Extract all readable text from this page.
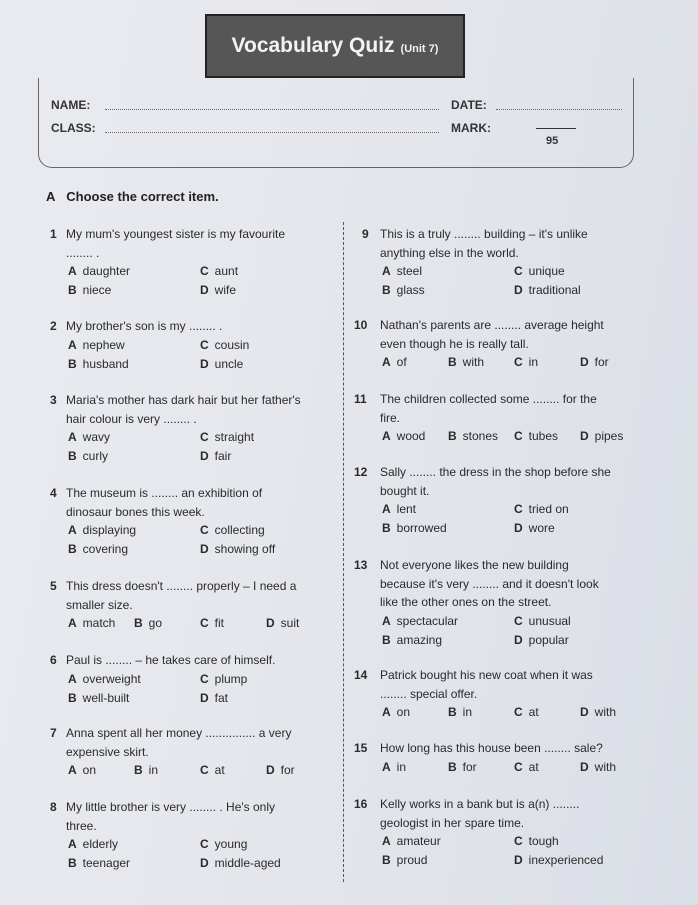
Vocabulary Quiz (Unit 7)
NAME:	DATE:
CLASS:	MARK:
95
A Choose the correct item.
1 My mum's youngest sister is my favourite
........ .
A daughter	C aunt
B niece	D wife
2 My brother's son is my ........ .
A nephew	C cousin
B husband	D uncle
3 Maria's mother has dark hair but her father's
hair colour is very ........ .
A wavy	C straight
B curly	D fair
4 The museum is ........ an exhibition of
dinosaur bones this week.
A displaying	C collecting
B covering	D showing off
5 This dress doesn't ........ properly – I need a
smaller size.
A match B go	C fit	D suit
6 Paul is ........ – he takes care of himself.
A overweight	C plump
B well-built	D fat
7 Anna spent all her money ............... a very
expensive skirt.
A on	B in	C at	D for
8 My little brother is very ........ . He's only
three.
A elderly	C young
B teenager	D middle-aged
9 This is a truly ........ building – it's unlike
anything else in the world.
A steel	C unique
B glass	D traditional
10 Nathan's parents are ........ average height
even though he is really tall.
A of	B with C in	D for
11 The children collected some ........ for the
fire.
A wood B stones C tubes D pipes
12 Sally ........ the dress in the shop before she
bought it.
A lent	C tried on
B borrowed	D wore
13 Not everyone likes the new building
because it's very ........ and it doesn't look
like the other ones on the street.
A spectacular	C unusual
B amazing	D popular
14 Patrick bought his new coat when it was
........ special offer.
A on	B in	C at	D with
15 How long has this house been ........ sale?
A in	B for	C at	D with
16 Kelly works in a bank but is a(n) ........
geologist in her spare time.
A amateur	C tough
B proud	D inexperienced
